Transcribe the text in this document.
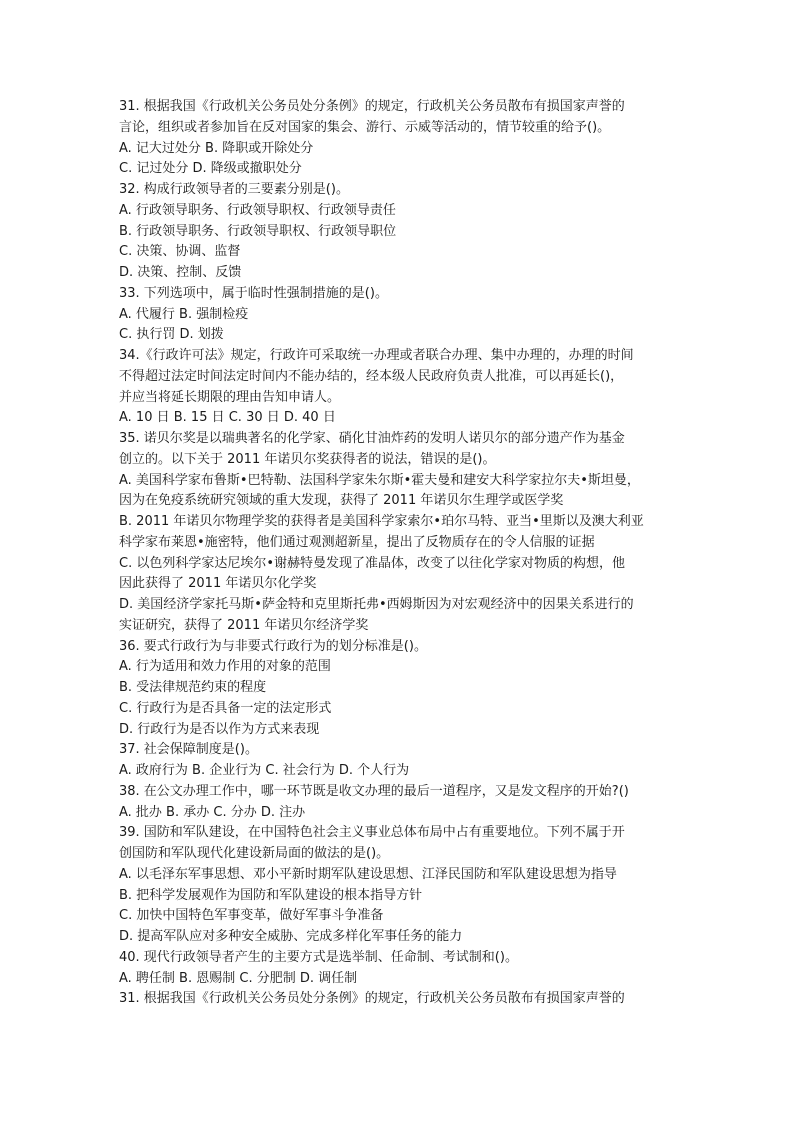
31. 根据我国《行政机关公务员处分条例》的规定，行政机关公务员散布有损国家声誉的

言论，组织或者参加旨在反对国家的集会、游行、示威等活动的，情节较重的给予()。

A. 记大过处分 B. 降职或开除处分

C. 记过处分 D. 降级或撤职处分

32. 构成行政领导者的三要素分别是()。

A. 行政领导职务、行政领导职权、行政领导责任

B. 行政领导职务、行政领导职权、行政领导职位

C. 决策、协调、监督

D. 决策、控制、反馈

33. 下列选项中，属于临时性强制措施的是()。

A. 代履行 B. 强制检疫

C. 执行罚 D. 划拨

34.《行政许可法》规定，行政许可采取统一办理或者联合办理、集中办理的，办理的时间

不得超过法定时间法定时间内不能办结的，经本级人民政府负责人批准，可以再延长()，

并应当将延长期限的理由告知申请人。

A. 10 日 B. 15 日 C. 30 日 D. 40 日

35. 诺贝尔奖是以瑞典著名的化学家、硝化甘油炸药的发明人诺贝尔的部分遗产作为基金

创立的。以下关于 2011 年诺贝尔奖获得者的说法，错误的是()。

A. 美国科学家布鲁斯•巴特勒、法国科学家朱尔斯•霍夫曼和建安大科学家拉尔夫•斯坦曼，

因为在免疫系统研究领域的重大发现，获得了 2011 年诺贝尔生理学或医学奖

B. 2011 年诺贝尔物理学奖的获得者是美国科学家索尔•珀尔马特、亚当•里斯以及澳大利亚

科学家布莱恩•施密特，他们通过观测超新星，提出了反物质存在的令人信服的证据

C. 以色列科学家达尼埃尔•谢赫特曼发现了准晶体，改变了以往化学家对物质的构想，他

因此获得了 2011 年诺贝尔化学奖

D. 美国经济学家托马斯•萨金特和克里斯托弗•西姆斯因为对宏观经济中的因果关系进行的

实证研究，获得了 2011 年诺贝尔经济学奖

36. 要式行政行为与非要式行政行为的划分标准是()。

A. 行为适用和效力作用的对象的范围

B. 受法律规范约束的程度

C. 行政行为是否具备一定的法定形式

D. 行政行为是否以作为方式来表现

37. 社会保障制度是()。

A. 政府行为 B. 企业行为 C. 社会行为 D. 个人行为

38. 在公文办理工作中，哪一环节既是收文办理的最后一道程序，又是发文程序的开始?()

A. 批办 B. 承办 C. 分办 D. 注办

39. 国防和军队建设，在中国特色社会主义事业总体布局中占有重要地位。下列不属于开

创国防和军队现代化建设新局面的做法的是()。

A. 以毛泽东军事思想、邓小平新时期军队建设思想、江泽民国防和军队建设思想为指导

B. 把科学发展观作为国防和军队建设的根本指导方针

C. 加快中国特色军事变革，做好军事斗争准备

D. 提高军队应对多种安全威胁、完成多样化军事任务的能力

40. 现代行政领导者产生的主要方式是选举制、任命制、考试制和()。

A. 聘任制 B. 恩赐制 C. 分肥制 D. 调任制

31. 根据我国《行政机关公务员处分条例》的规定，行政机关公务员散布有损国家声誉的
